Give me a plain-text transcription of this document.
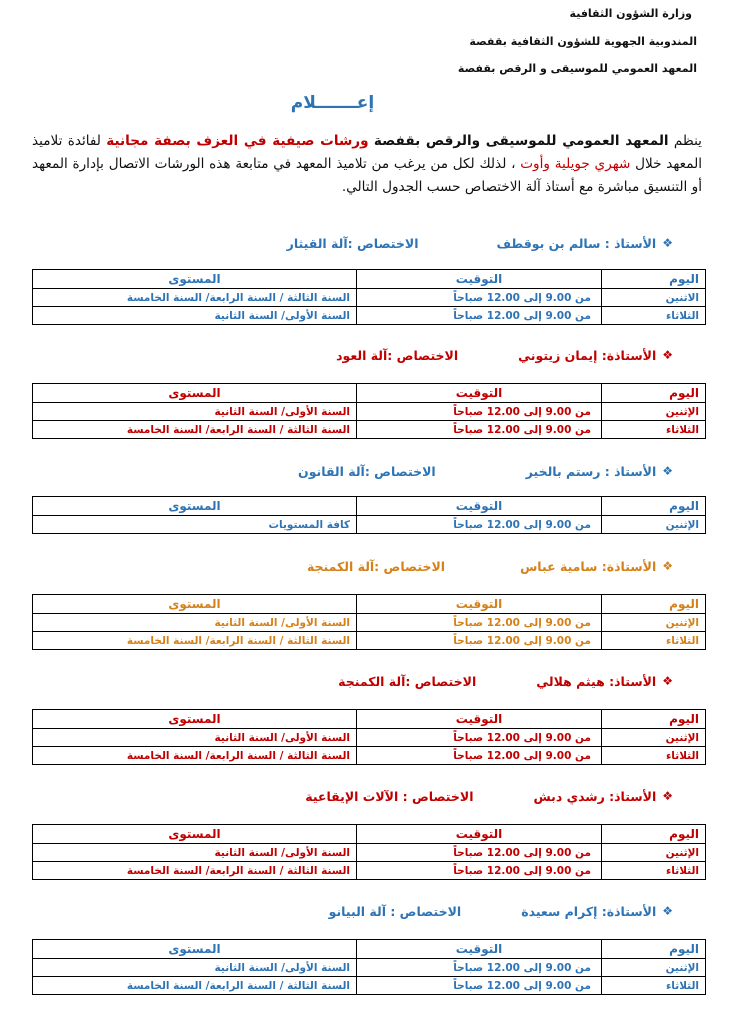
وزارة الشؤون الثقافية
المندوبية الجهوية للشؤون الثقافية بقفصة
المعهد العمومي للموسيقى و الرقص بقفصة
إعـــــــلام
ينظم المعهد العمومي للموسيقى والرقص بقفصة ورشات صيفية في العزف بصفة مجانية لفائدة تلاميذ المعهد خلال شهري جويلية وأوت ، لذلك لكل من يرغب من تلاميذ المعهد في متابعة هذه الورشات الاتصال بإدارة المعهد أو التنسيق مباشرة مع أستاذ آلة الاختصاص حسب الجدول التالي.
❖
الأستاذ : سالم بن بوقطف
الاختصاص :آلة القيثار
اليوم	التوقيت	المستوى
الاثنين	من 9.00 إلى 12.00 صباحاً	السنة الثالثة / السنة الرابعة/ السنة الخامسة
الثلاثاء	من 9.00 إلى 12.00 صباحاً	السنة الأولى/ السنة الثانية
❖
الأستاذة: إيمان زيتوني
الاختصاص :آلة العود
اليوم	التوقيت	المستوى
الإثنين	من 9.00 إلى 12.00 صباحاً	السنة الأولى/ السنة الثانية
الثلاثاء	من 9.00 إلى 12.00 صباحاً	السنة الثالثة / السنة الرابعة/ السنة الخامسة
❖
الأستاذ : رستم بالخير
الاختصاص :آلة القانون
اليوم	التوقيت	المستوى
الإثنين	من 9.00 إلى 12.00 صباحاً	كافة المستويات
❖
الأستاذة: سامية عباس
الاختصاص :آلة الكمنجة
اليوم	التوقيت	المستوى
الإثنين	من 9.00 إلى 12.00 صباحاً	السنة الأولى/ السنة الثانية
الثلاثاء	من 9.00 إلى 12.00 صباحاً	السنة الثالثة / السنة الرابعة/ السنة الخامسة
❖
الأستاذ: هيثم هلالي
الاختصاص :آلة الكمنجة
اليوم	التوقيت	المستوى
الإثنين	من 9.00 إلى 12.00 صباحاً	السنة الأولى/ السنة الثانية
الثلاثاء	من 9.00 إلى 12.00 صباحاً	السنة الثالثة / السنة الرابعة/ السنة الخامسة
❖
الأستاذ: رشدي دبش
الاختصاص : الآلات الإيقاعية
اليوم	التوقيت	المستوى
الإثنين	من 9.00 إلى 12.00 صباحاً	السنة الأولى/ السنة الثانية
الثلاثاء	من 9.00 إلى 12.00 صباحاً	السنة الثالثة / السنة الرابعة/ السنة الخامسة
❖
الأستاذة: إكرام سعيدة
الاختصاص : آلة البيانو
اليوم	التوقيت	المستوى
الإثنين	من 9.00 إلى 12.00 صباحاً	السنة الأولى/ السنة الثانية
الثلاثاء	من 9.00 إلى 12.00 صباحاً	السنة الثالثة / السنة الرابعة/ السنة الخامسة
